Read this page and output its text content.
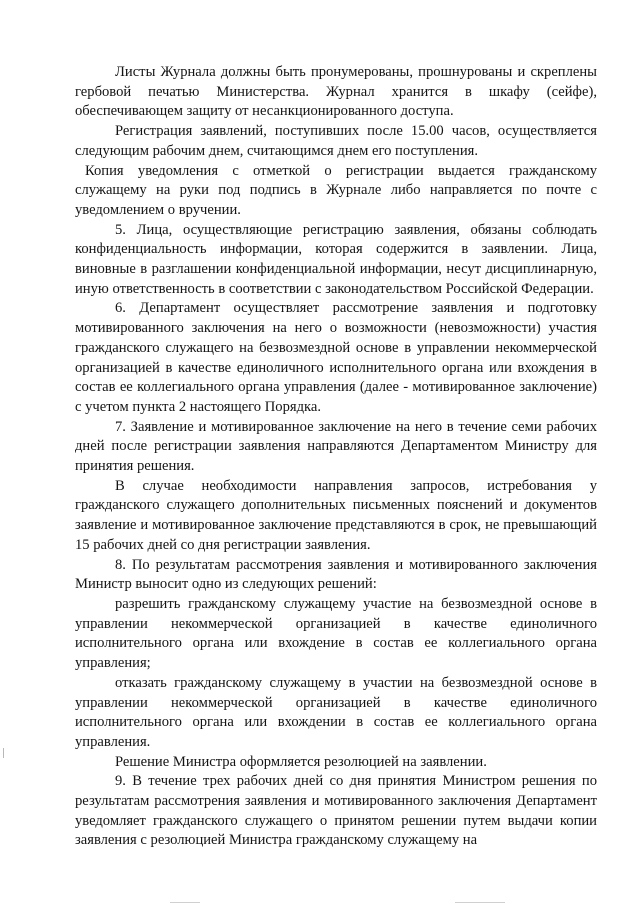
Листы Журнала должны быть пронумерованы, прошнурованы и скреплены гербовой печатью Министерства. Журнал хранится в шкафу (сейфе), обеспечивающем защиту от несанкционированного доступа.

Регистрация заявлений, поступивших после 15.00 часов, осуществляется следующим рабочим днем, считающимся днем его поступления.

Копия уведомления с отметкой о регистрации выдается гражданскому служащему на руки под подпись в Журнале либо направляется по почте с уведомлением о вручении.

5. Лица, осуществляющие регистрацию заявления, обязаны соблюдать конфиденциальность информации, которая содержится в заявлении. Лица, виновные в разглашении конфиденциальной информации, несут дисциплинарную, иную ответственность в соответствии с законодательством Российской Федерации.

6. Департамент осуществляет рассмотрение заявления и подготовку мотивированного заключения на него о возможности (невозможности) участия гражданского служащего на безвозмездной основе в управлении некоммерческой организацией в качестве единоличного исполнительного органа или вхождения в состав ее коллегиального органа управления (далее - мотивированное заключение) с учетом пункта 2 настоящего Порядка.

7. Заявление и мотивированное заключение на него в течение семи рабочих дней после регистрации заявления направляются Департаментом Министру для принятия решения.

В случае необходимости направления запросов, истребования у гражданского служащего дополнительных письменных пояснений и документов заявление и мотивированное заключение представляются в срок, не превышающий 15 рабочих дней со дня регистрации заявления.

8. По результатам рассмотрения заявления и мотивированного заключения Министр выносит одно из следующих решений:

разрешить гражданскому служащему участие на безвозмездной основе в управлении некоммерческой организацией в качестве единоличного исполнительного органа или вхождение в состав ее коллегиального органа управления;

отказать гражданскому служащему в участии на безвозмездной основе в управлении некоммерческой организацией в качестве единоличного исполнительного органа или вхождении в состав ее коллегиального органа управления.

Решение Министра оформляется резолюцией на заявлении.

9. В течение трех рабочих дней со дня принятия Министром решения по результатам рассмотрения заявления и мотивированного заключения Департамент уведомляет гражданского служащего о принятом решении путем выдачи копии заявления с резолюцией Министра гражданскому служащему на
